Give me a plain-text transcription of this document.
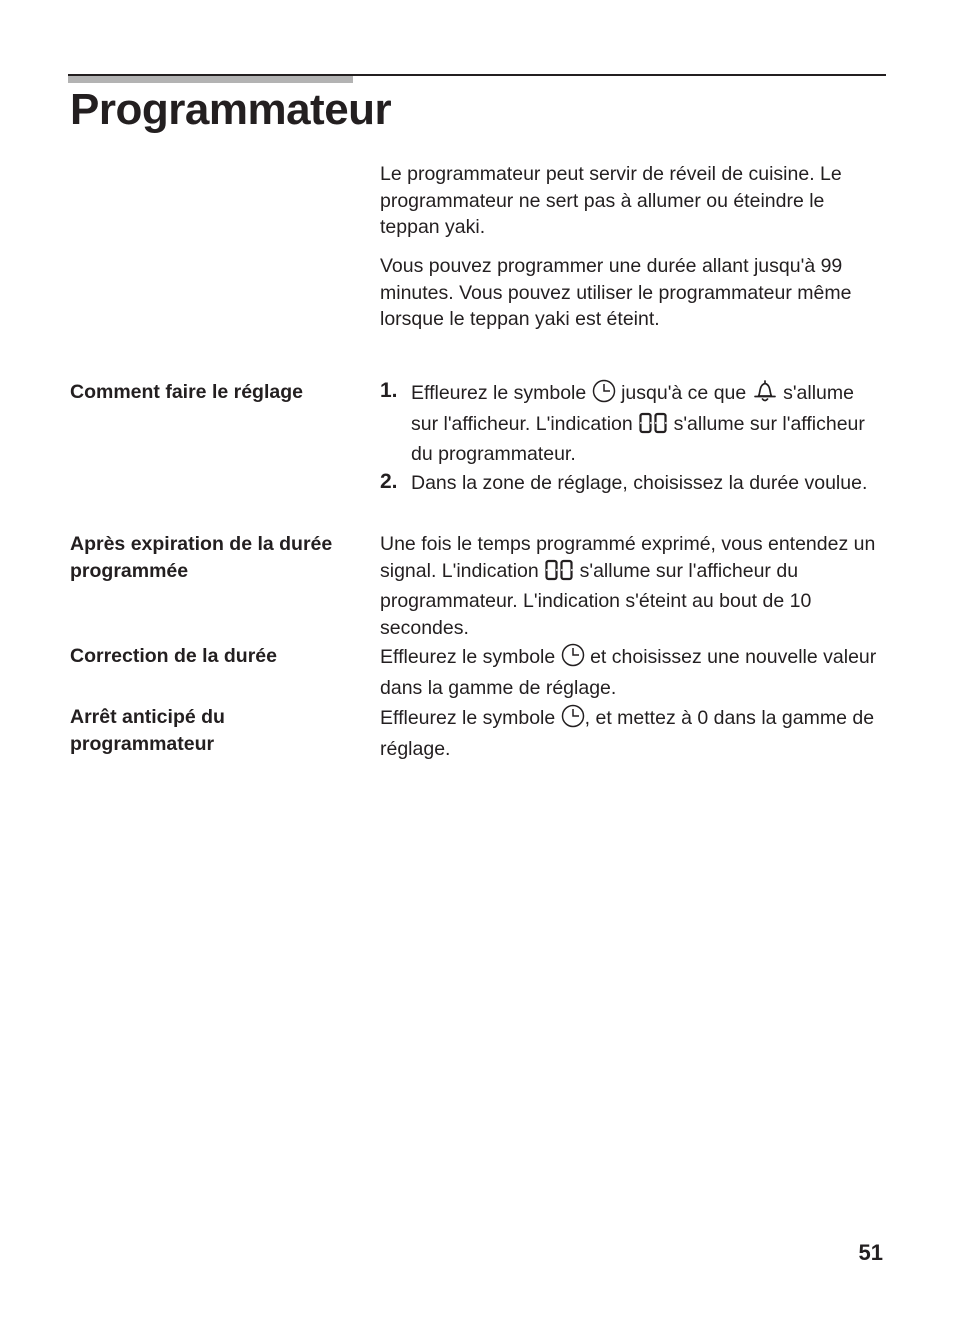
Programmateur

Le programmateur peut servir de réveil de cuisine. Le programmateur ne sert pas à allumer ou éteindre le teppan yaki.

Vous pouvez programmer une durée allant jusqu'à 99 minutes. Vous pouvez utiliser le programmateur même lorsque le teppan yaki est éteint.

Comment faire le réglage	1. Effleurez le symbole jusqu'à ce que s'allume sur l'afficheur. L'indication s'allume sur l'afficheur du programmateur.
2. Dans la zone de réglage, choisissez la durée voulue.

Après expiration de la durée programmée

Une fois le temps programmé exprimé, vous entendez un signal. L'indication s'allume sur l'afficheur du programmateur. L'indication s'éteint au bout de 10 secondes.

Correction de la durée	Effleurez le symbole et choisissez une nouvelle valeur dans la gamme de réglage.

Arrêt anticipé du programmateur

Effleurez le symbole , et mettez à 0 dans la gamme de réglage.

51
